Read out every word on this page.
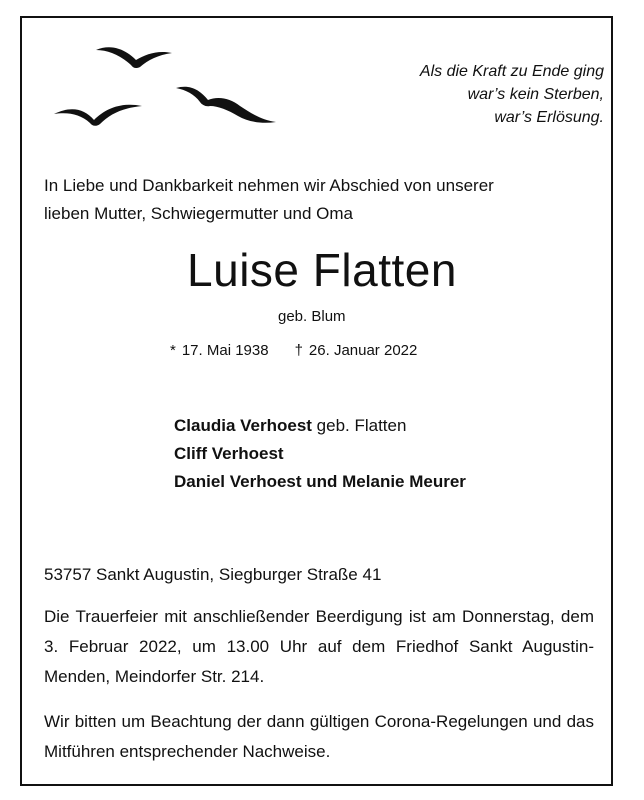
Als die Kraft zu Ende ging
war’s kein Sterben,
war’s Erlösung.
In Liebe und Dankbarkeit nehmen wir Abschied von unserer
lieben Mutter, Schwiegermutter und Oma
Luise Flatten
geb. Blum
* 17. Mai 1938 † 26. Januar 2022
Claudia Verhoest geb. Flatten
Cliff Verhoest
Daniel Verhoest und Melanie Meurer
53757 Sankt Augustin, Siegburger Straße 41
Die Trauerfeier mit anschließender Beerdigung ist am Donnerstag, dem 3. Februar 2022, um 13.00 Uhr auf dem Friedhof Sankt Augustin-Menden, Meindorfer Str. 214.
Wir bitten um Beachtung der dann gültigen Corona-Regelungen und das Mitführen entsprechender Nachweise.
